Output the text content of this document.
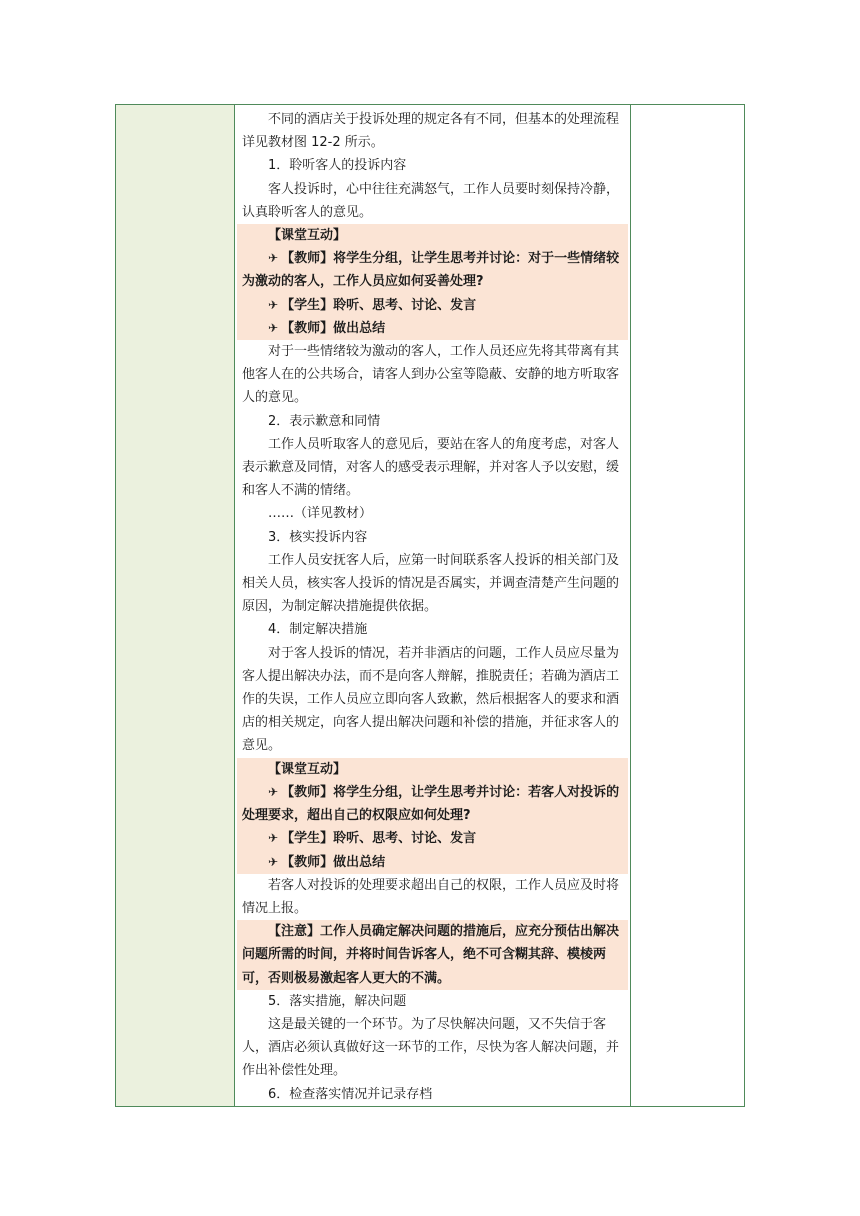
不同的酒店关于投诉处理的规定各有不同，但基本的处理流程详见教材图 12-2 所示。

1．聆听客人的投诉内容

客人投诉时，心中往往充满怒气，工作人员要时刻保持冷静，认真聆听客人的意见。

【课堂互动】

✈ 【教师】将学生分组，让学生思考并讨论：对于一些情绪较为激动的客人，工作人员应如何妥善处理?

✈ 【学生】聆听、思考、讨论、发言

✈ 【教师】做出总结

对于一些情绪较为激动的客人，工作人员还应先将其带离有其他客人在的公共场合，请客人到办公室等隐蔽、安静的地方听取客人的意见。

2．表示歉意和同情

工作人员听取客人的意见后，要站在客人的角度考虑，对客人表示歉意及同情，对客人的感受表示理解，并对客人予以安慰，缓和客人不满的情绪。

……（详见教材）

3．核实投诉内容

工作人员安抚客人后，应第一时间联系客人投诉的相关部门及相关人员，核实客人投诉的情况是否属实，并调查清楚产生问题的原因，为制定解决措施提供依据。

4．制定解决措施

对于客人投诉的情况，若并非酒店的问题，工作人员应尽量为客人提出解决办法，而不是向客人辩解，推脱责任；若确为酒店工作的失误，工作人员应立即向客人致歉，然后根据客人的要求和酒店的相关规定，向客人提出解决问题和补偿的措施，并征求客人的意见。

【课堂互动】

✈ 【教师】将学生分组，让学生思考并讨论：若客人对投诉的处理要求，超出自己的权限应如何处理?

✈ 【学生】聆听、思考、讨论、发言

✈ 【教师】做出总结

若客人对投诉的处理要求超出自己的权限，工作人员应及时将情况上报。

【注意】工作人员确定解决问题的措施后，应充分预估出解决问题所需的时间，并将时间告诉客人，绝不可含糊其辞、模棱两可，否则极易激起客人更大的不满。

5．落实措施，解决问题

这是最关键的一个环节。为了尽快解决问题，又不失信于客人，酒店必须认真做好这一环节的工作，尽快为客人解决问题，并作出补偿性处理。

6．检查落实情况并记录存档
